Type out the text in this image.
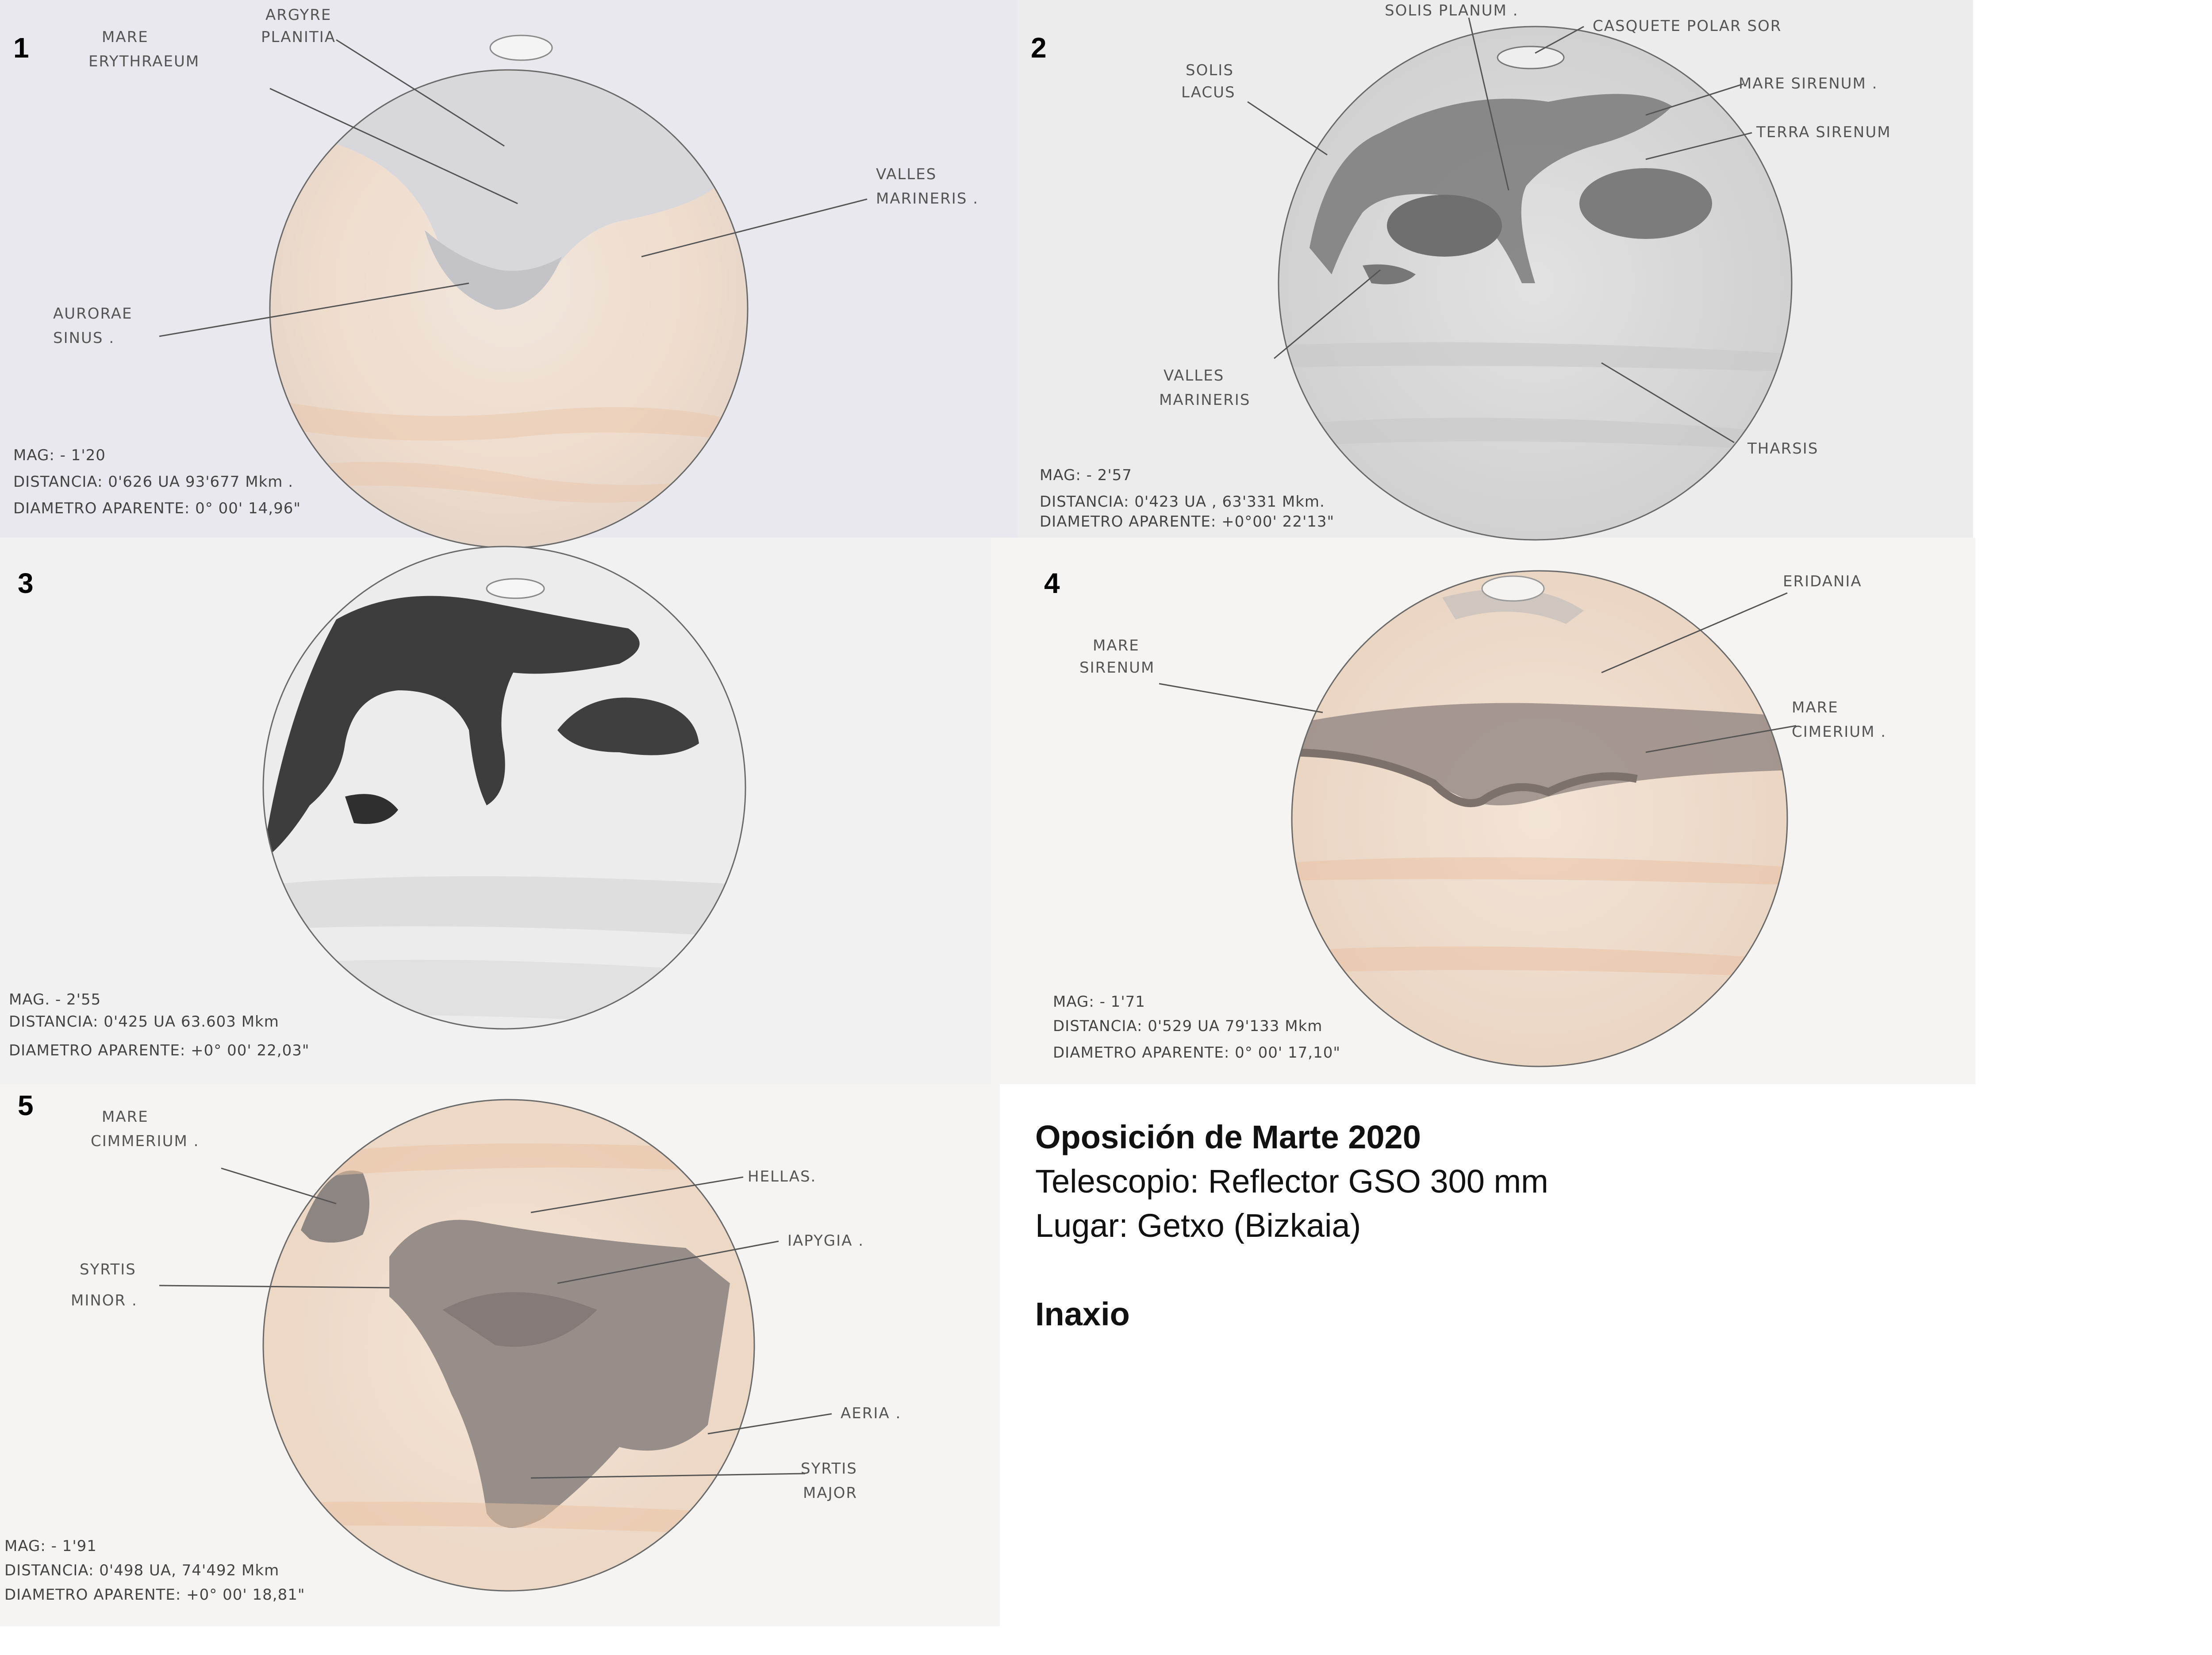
1	MARE
ERYTHRAEUM
ARGYRE
PLANITIA
VALLES
MARINERIS .
AURORAE
SINUS .
MAG: - 1'20
DISTANCIA: 0'626 UA 93'677 Mkm .
DIAMETRO APARENTE: 0° 00' 14,96"
2
SOLIS PLANUM .
CASQUETE POLAR SOR
SOLIS
LACUS	MARE SIRENUM .
TERRA SIRENUM
VALLES
MARINERIS
THARSIS
MAG: - 2'57
DISTANCIA: 0'423 UA , 63'331 Mkm.
DIAMETRO APARENTE: +0°00' 22'13"
3
MAG. - 2'55
DISTANCIA: 0'425 UA 63.603 Mkm
DIAMETRO APARENTE: +0° 00' 22,03"
4	ERIDANIA
MARE
SIRENUM
MARE
CIMERIUM .
MAG: - 1'71
DISTANCIA: 0'529 UA 79'133 Mkm
DIAMETRO APARENTE: 0° 00' 17,10"
5	MARE
CIMMERIUM .
HELLAS.
IAPYGIA .
SYRTIS
MINOR .
AERIA .
SYRTIS
MAJOR
MAG: - 1'91
DISTANCIA: 0'498 UA, 74'492 Mkm
DIAMETRO APARENTE: +0° 00' 18,81"
Oposición de Marte 2020
Telescopio: Reflector GSO 300 mm
Lugar: Getxo (Bizkaia)
Inaxio
